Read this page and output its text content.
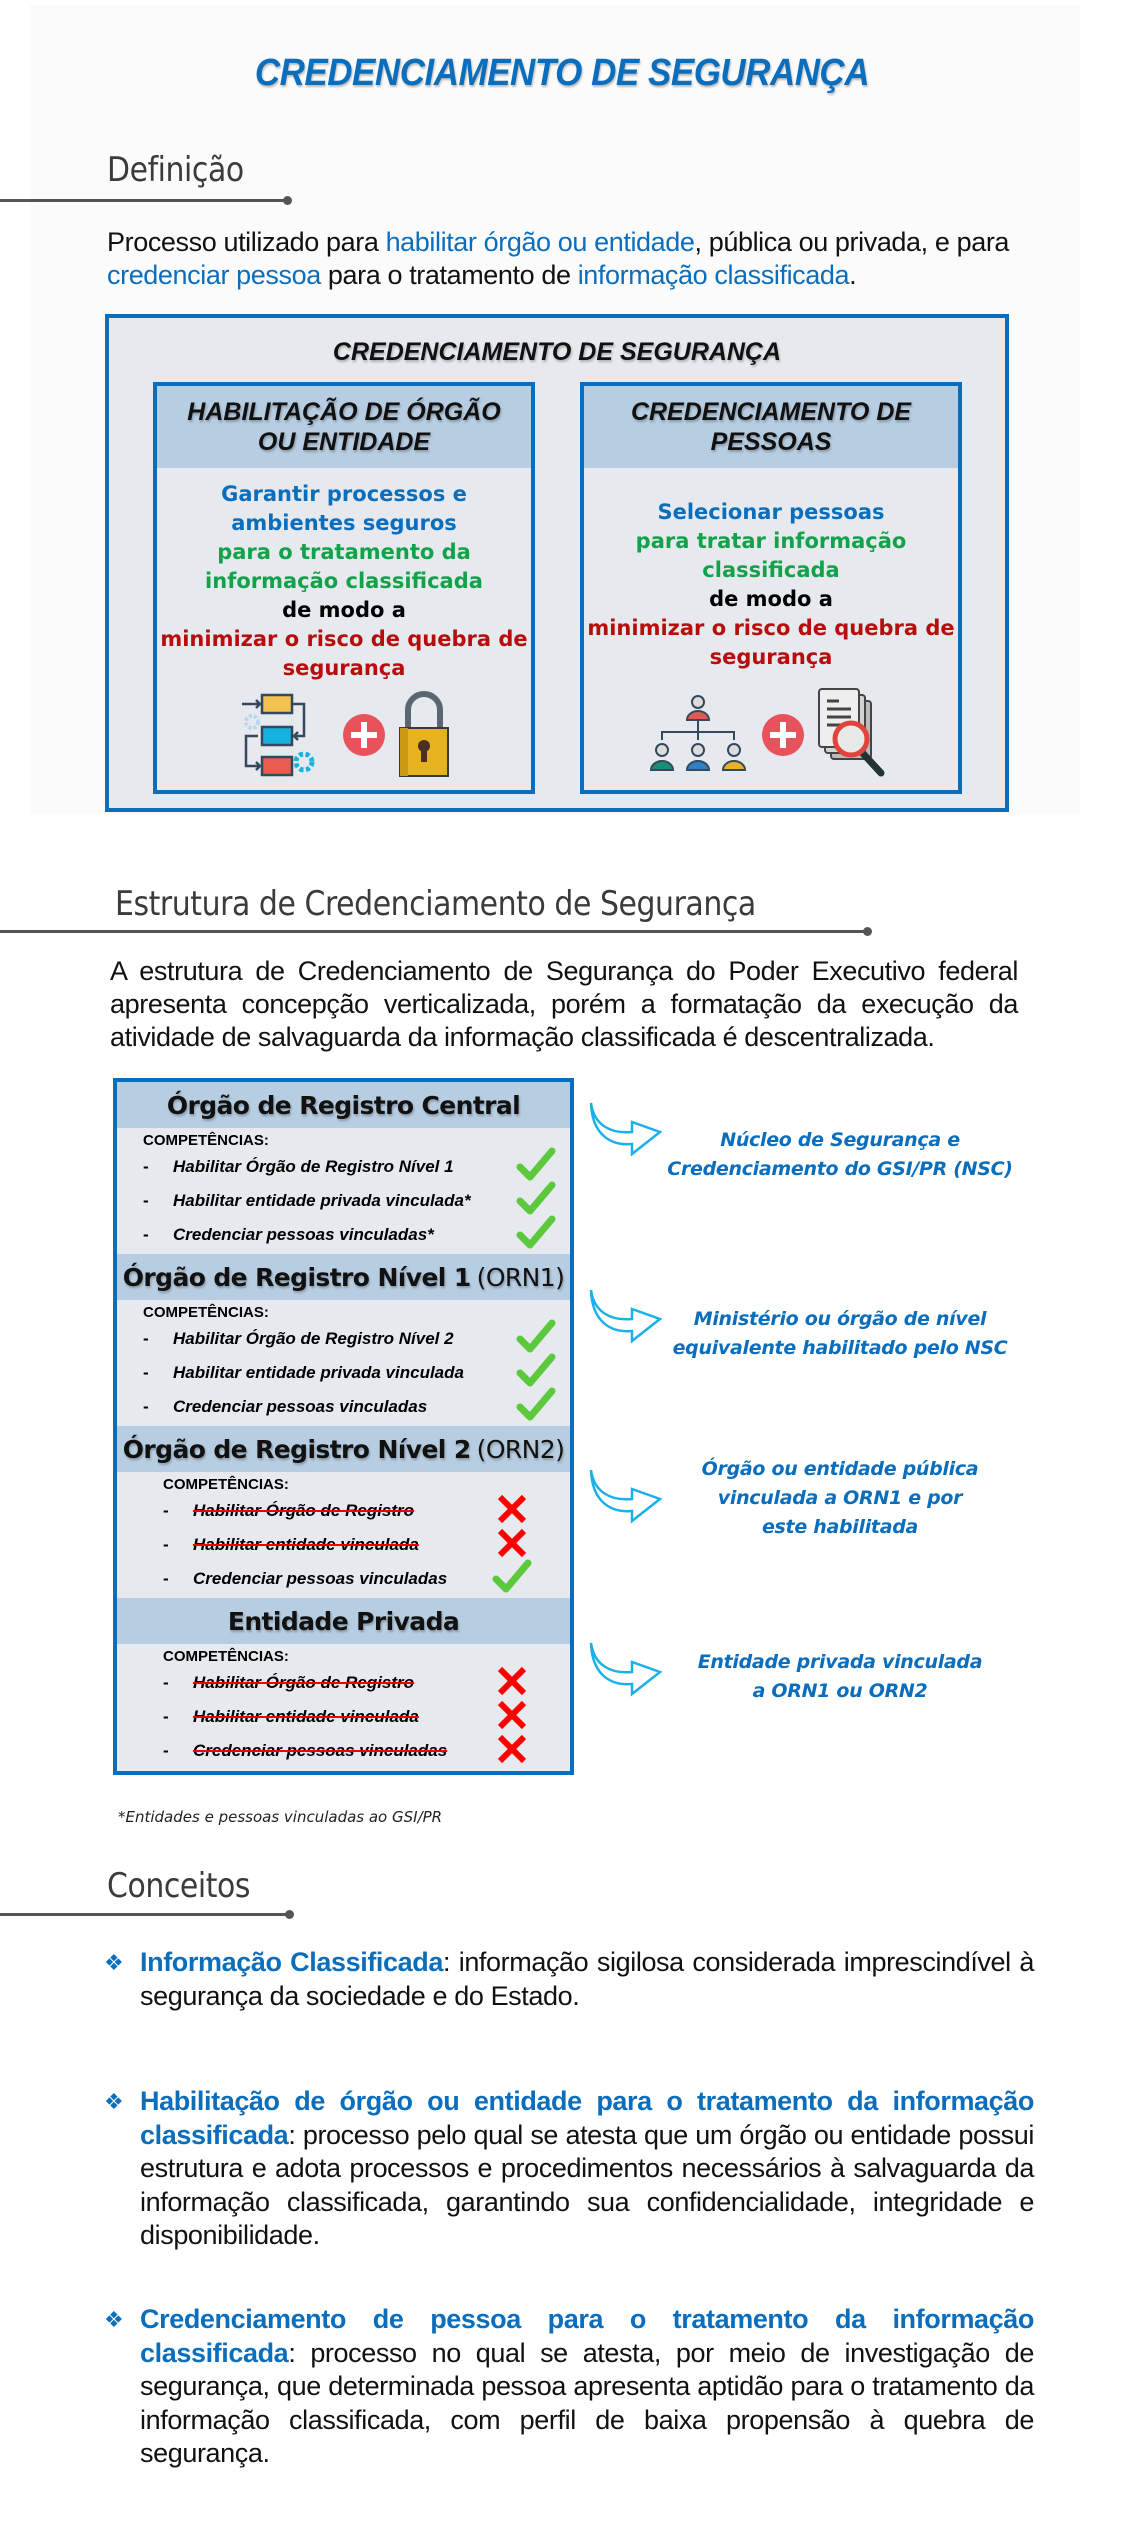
CREDENCIAMENTO DE SEGURANÇA
Definição

Processo utilizado para habilitar órgão ou entidade, pública ou privada, e para credenciar pessoa para o tratamento de informação classificada.

CREDENCIAMENTO DE SEGURANÇA
HABILITAÇÃO DE ÓRGÃO OU ENTIDADE
Garantir processos e ambientes seguros
para o tratamento da informação classificada
de modo a
minimizar o risco de quebra de segurança
CREDENCIAMENTO DE PESSOAS
Selecionar pessoas
para tratar informação classificada
de modo a
minimizar o risco de quebra de segurança
Estrutura de Credenciamento de Segurança

A estrutura de Credenciamento de Segurança do Poder Executivo federal apresenta concepção verticalizada, porém a formatação da execução da atividade de salvaguarda da informação classificada é descentralizada.

Órgão de Registro Central
COMPETÊNCIAS:
-	Habilitar Órgão de Registro Nível 1
-	Habilitar entidade privada vinculada*
-	Credenciar pessoas vinculadas*
Órgão de Registro Nível 1 (ORN1)
COMPETÊNCIAS:
-	Habilitar Órgão de Registro Nível 2
-	Habilitar entidade privada vinculada
-	Credenciar pessoas vinculadas
Órgão de Registro Nível 2 (ORN2)
COMPETÊNCIAS:
-	Habilitar Órgão de Registro
-	Habilitar entidade vinculada
-	Credenciar pessoas vinculadas
Entidade Privada
COMPETÊNCIAS:
-	Habilitar Órgão de Registro
-	Habilitar entidade vinculada
-	Credenciar pessoas vinculadas
*Entidades e pessoas vinculadas ao GSI/PR
Núcleo de Segurança e Credenciamento do GSI/PR (NSC)
Ministério ou órgão de nível equivalente habilitado pelo NSC
Órgão ou entidade pública vinculada a ORN1 e por este habilitada
Entidade privada vinculada a ORN1 ou ORN2
Conceitos
❖ Informação Classificada: informação sigilosa considerada imprescindível à segurança da sociedade e do Estado.

❖ Habilitação de órgão ou entidade para o tratamento da informação classificada: processo pelo qual se atesta que um órgão ou entidade possui estrutura e adota processos e procedimentos necessários à salvaguarda da informação classificada, garantindo sua confidencialidade, integridade e disponibilidade.

❖ Credenciamento de pessoa para o tratamento da informação classificada: processo no qual se atesta, por meio de investigação de segurança, que determinada pessoa apresenta aptidão para o tratamento da informação classificada, com perfil de baixa propensão à quebra de segurança.
